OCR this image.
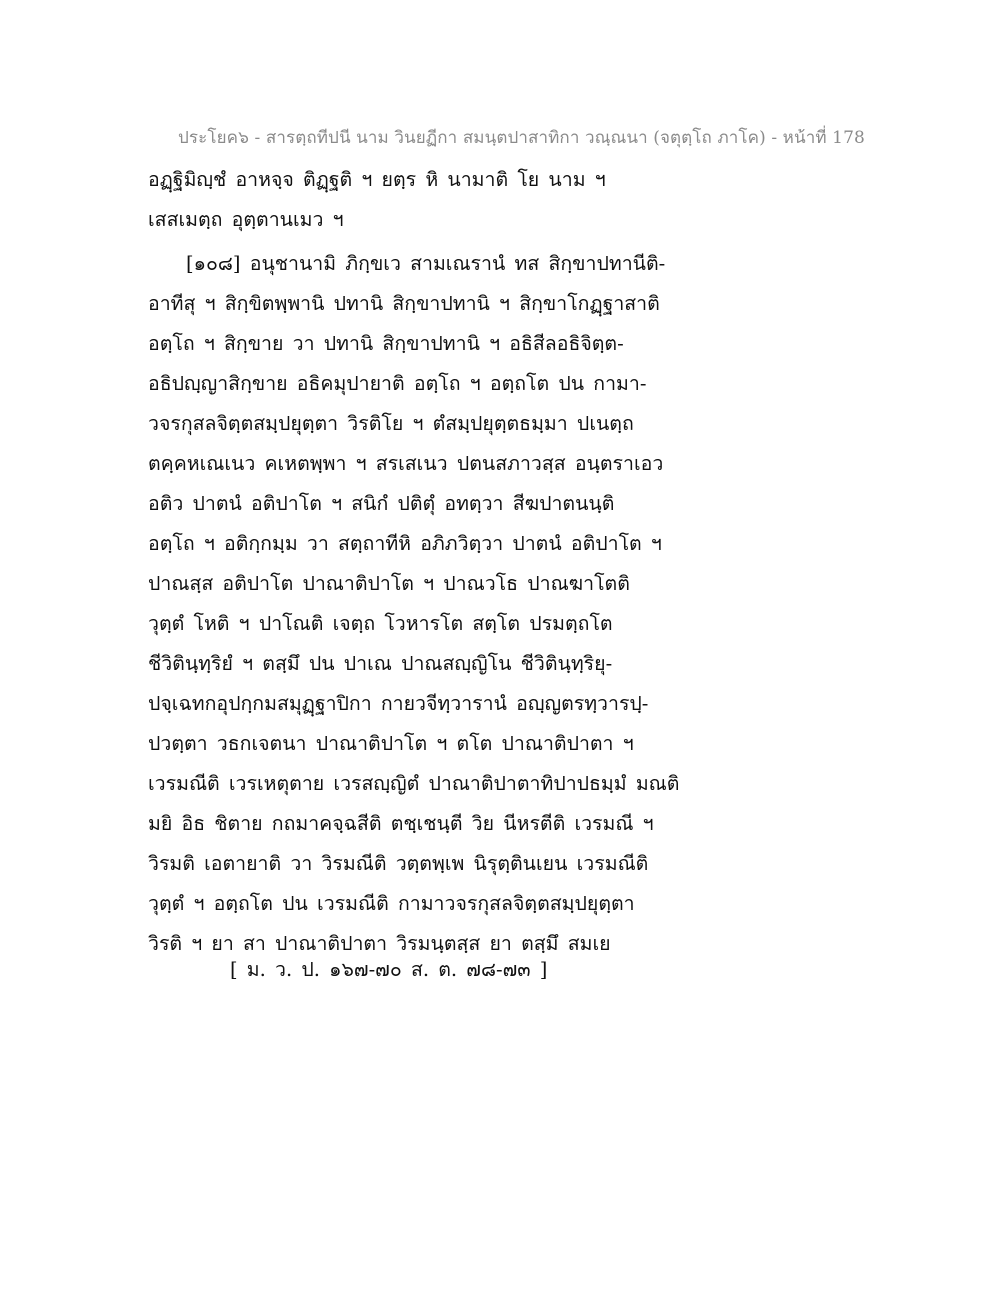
ประโยค๖ - สารตฺถทีปนี นาม วินยฏีกา สมนฺตปาสาทิกา วณฺณนา (จตุตฺโถ ภาโค) - หน้าที่ 178
อฏฺฐิมิญฺชํ อาหจฺจ ติฏฺฐติ ฯ ยตฺร หิ นามาติ โย นาม ฯ
เสสเมตฺถ อุตฺตานเมว ฯ
[๑๐๘] อนุชานามิ ภิกฺขเว สามเณรานํ ทส สิกฺขาปทานีติ-
อาทีสุ ฯ สิกฺขิตพฺพานิ ปทานิ สิกฺขาปทานิ ฯ สิกฺขาโกฏฺฐาสาติ
อตฺโถ ฯ สิกฺขาย วา ปทานิ สิกฺขาปทานิ ฯ อธิสีลอธิจิตฺต-
อธิปญฺญาสิกฺขาย อธิคมุปายาติ อตฺโถ ฯ อตฺถโต ปน กามา-
วจรกุสลจิตฺตสมฺปยุตฺตา วิรติโย ฯ ตํสมฺปยุตฺตธมฺมา ปเนตฺถ
ตคฺคหเณเนว คเหตพฺพา ฯ สรเสเนว ปตนสภาวสฺส อนฺตราเอว
อติว ปาตนํ อติปาโต ฯ สนิกํ ปติตุํ อทตฺวา สีฆปาตนนฺติ
อตฺโถ ฯ อติกฺกมฺม วา สตฺถาทีหิ อภิภวิตฺวา ปาตนํ อติปาโต ฯ
ปาณสฺส อติปาโต ปาณาติปาโต ฯ ปาณวโธ ปาณฆาโตติ
วุตฺตํ โหติ ฯ ปาโณติ เจตฺถ โวหารโต สตฺโต ปรมตฺถโต
ชีวิตินฺทฺริยํ ฯ ตสฺมึ ปน ปาเณ ปาณสญฺญิโน ชีวิตินฺทฺริยุ-
ปจฺเฉทกอุปกฺกมสมุฏฺฐาปิกา กายวจีทฺวารานํ อญฺญตรทฺวารปฺ-
ปวตฺตา วธกเจตนา ปาณาติปาโต ฯ ตโต ปาณาติปาตา ฯ
เวรมณีติ เวรเหตุตาย เวรสญฺญิตํ ปาณาติปาตาทิปาปธมฺมํ มณติ
มยิ อิธ ชิตาย กถมาคจฺฉสีติ ตชฺเชนฺตี วิย นีหรตีติ เวรมณี ฯ
วิรมติ เอตายาติ วา วิรมณีติ วตฺตพฺเพ นิรุตฺตินเยน เวรมณีติ
วุตฺตํ ฯ อตฺถโต ปน เวรมณีติ กามาวจรกุสลจิตฺตสมฺปยุตฺตา
วิรติ ฯ ยา สา ปาณาติปาตา วิรมนฺตสฺส ยา ตสฺมึ สมเย
[ ม. ว. ป. ๑๖๗-๗๐ ส. ต. ๗๘-๗๓ ]
